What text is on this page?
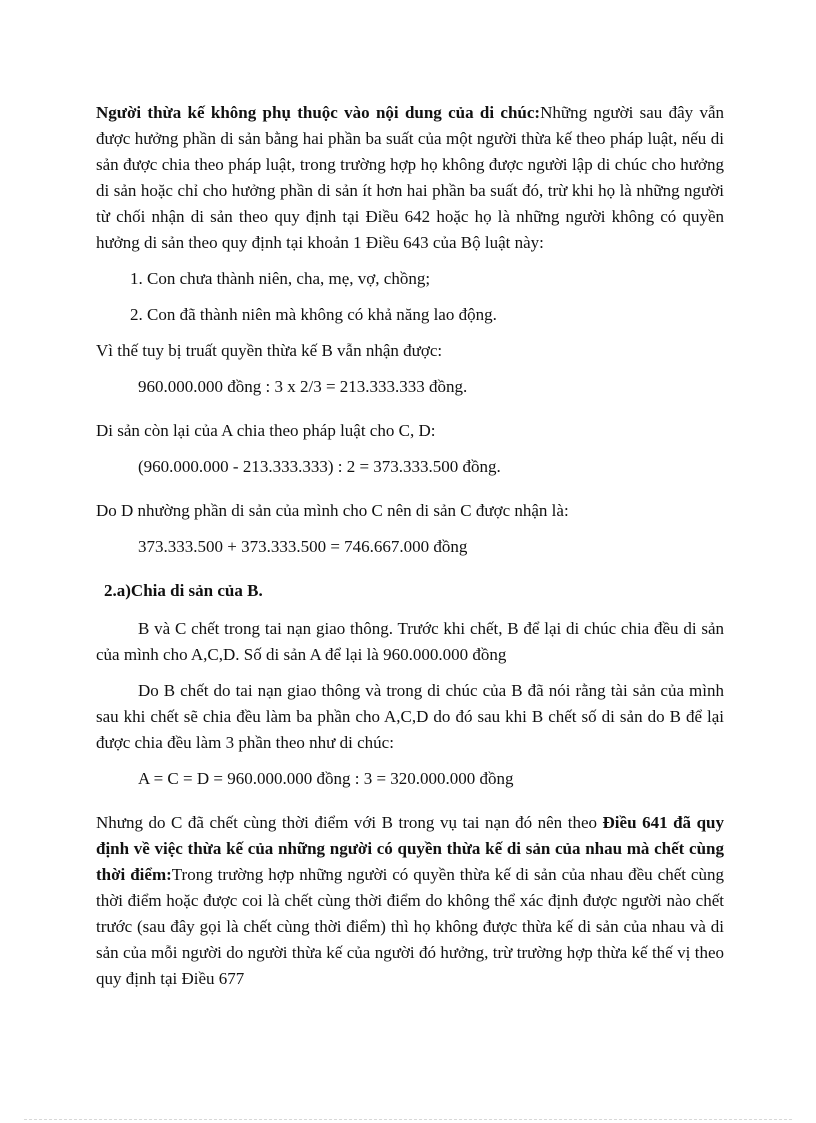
Người thừa kế không phụ thuộc vào nội dung của di chúc:Những người sau đây vẫn được hưởng phần di sản bằng hai phần ba suất của một người thừa kế theo pháp luật, nếu di sản được chia theo pháp luật, trong trường hợp họ không được người lập di chúc cho hưởng di sản hoặc chỉ cho hưởng phần di sản ít hơn hai phần ba suất đó, trừ khi họ là những người từ chối nhận di sản theo quy định tại Điều 642 hoặc họ là những người không có quyền hưởng di sản theo quy định tại khoản 1 Điều 643 của Bộ luật này:

1. Con chưa thành niên, cha, mẹ, vợ, chồng;
2. Con đã thành niên mà không có khả năng lao động.

Vì thế tuy bị truất quyền thừa kế B vẫn nhận được:

960.000.000 đồng : 3 x 2/3 = 213.333.333 đồng.

Di sản còn lại của A chia theo pháp luật cho C, D:

(960.000.000 - 213.333.333) : 2 = 373.333.500 đồng.

Do D nhường phần di sản của mình cho C nên di sản C được nhận là:

373.333.500 + 373.333.500 = 746.667.000 đồng

2.a)Chia di sản của B.

B và C chết trong tai nạn giao thông. Trước khi chết, B để lại di chúc chia đều di sản của mình cho A,C,D. Số di sản A để lại là 960.000.000 đồng

Do B chết do tai nạn giao thông và trong di chúc của B đã nói rằng tài sản của mình sau khi chết sẽ chia đều làm ba phần cho A,C,D do đó sau khi B chết số di sản do B để lại được chia đều làm 3 phần theo như di chúc:

A = C = D = 960.000.000 đồng : 3 = 320.000.000 đồng

Nhưng do C đã chết cùng thời điểm với B trong vụ tai nạn đó nên theo Điều 641 đã quy định về việc thừa kế của những người có quyền thừa kế di sản của nhau mà chết cùng thời điểm:Trong trường hợp những người có quyền thừa kế di sản của nhau đều chết cùng thời điểm hoặc được coi là chết cùng thời điểm do không thể xác định được người nào chết trước (sau đây gọi là chết cùng thời điểm) thì họ không được thừa kế di sản của nhau và di sản của mỗi người do người thừa kế của người đó hưởng, trừ trường hợp thừa kế thế vị theo quy định tại Điều 677
